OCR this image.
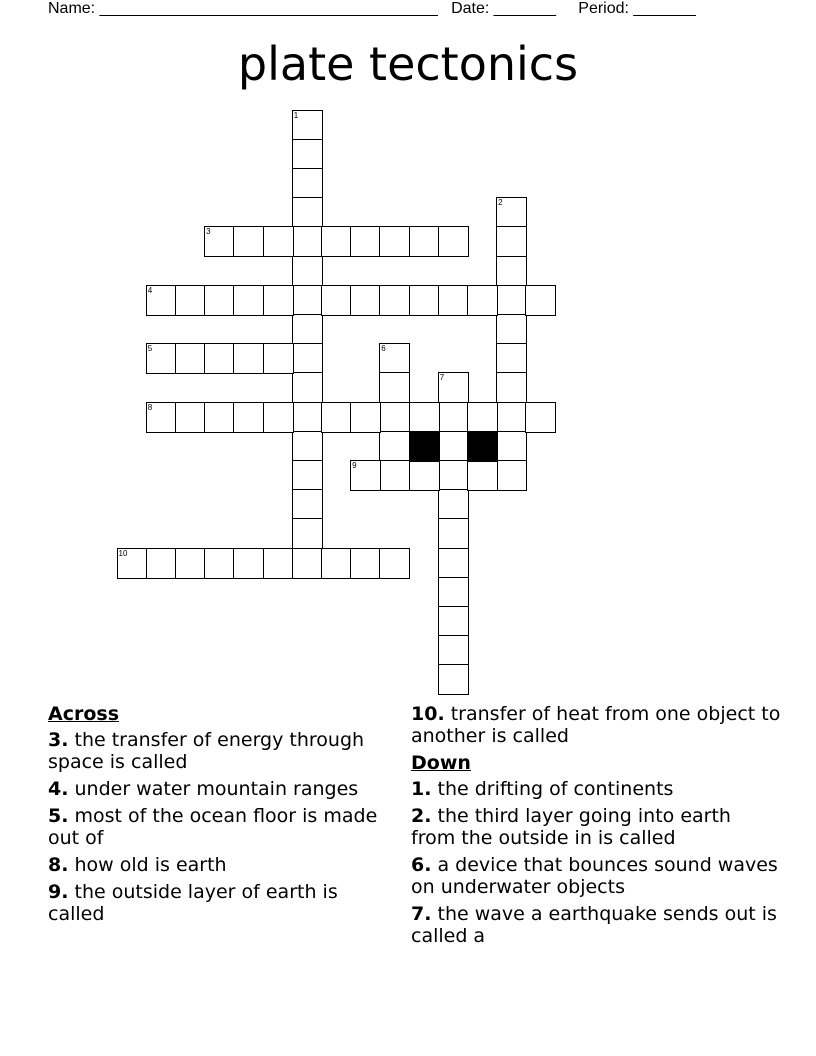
Name: ______________________________________ Date: _______ Period: _______
plate tectonics
1
2
3
4
5	6
7
8
9
10
Across
3. the transfer of energy through space is called
4. under water mountain ranges
5. most of the ocean floor is made out of
8. how old is earth
9. the outside layer of earth is called
10. transfer of heat from one object to another is called
Down
1. the drifting of continents
2. the third layer going into earth from the outside in is called
6. a device that bounces sound waves on underwater objects
7. the wave a earthquake sends out is called a
